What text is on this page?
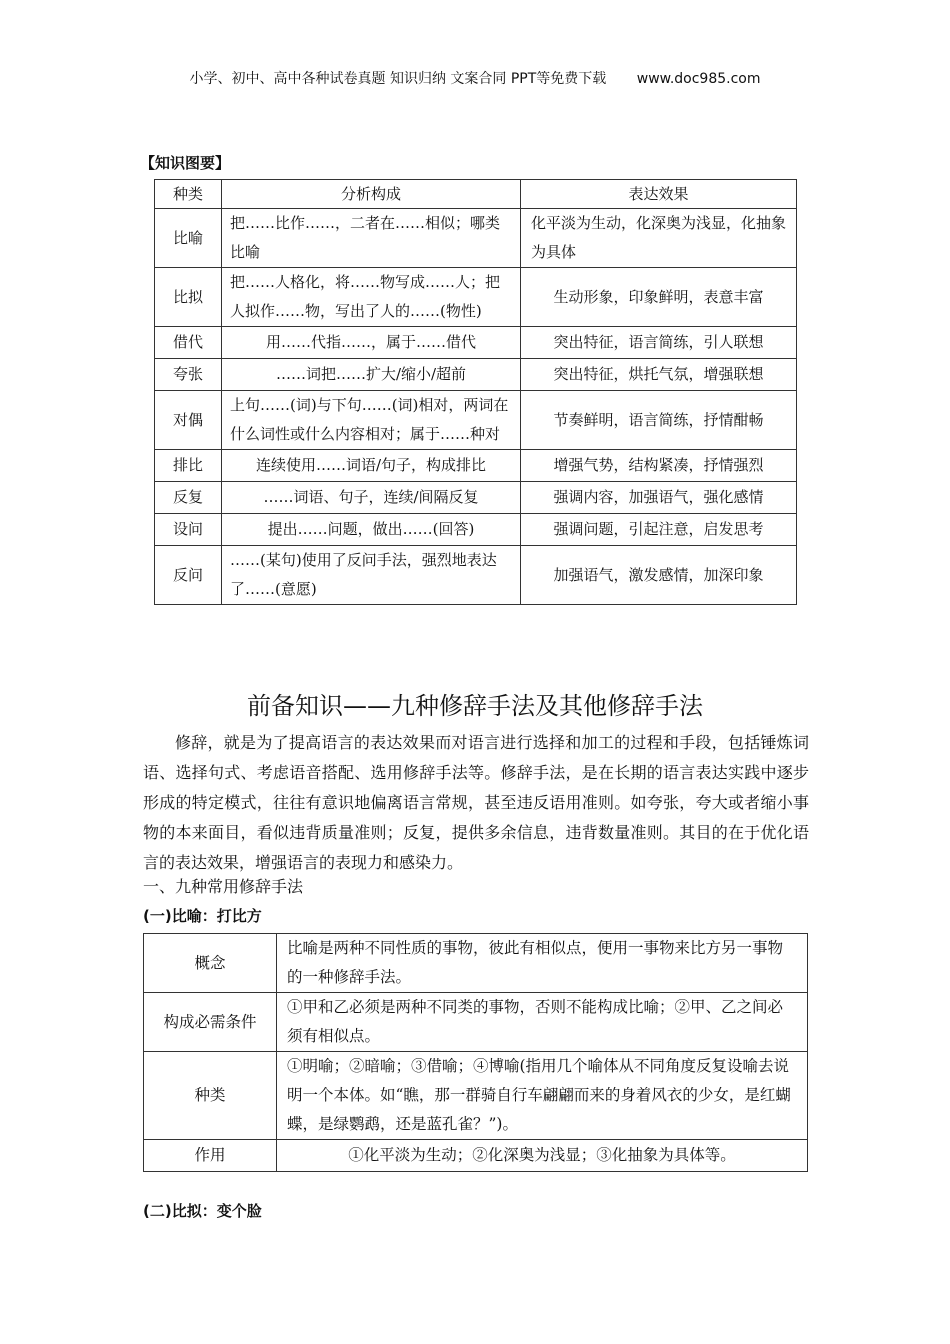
小学、初中、高中各种试卷真题 知识归纳 文案合同 PPT等免费下载 www.doc985.com
【知识图要】
种类	分析构成	表达效果
比喻	把……比作……，二者在……相似；哪类比喻	化平淡为生动，化深奥为浅显，化抽象为具体
比拟	把……人格化，将……物写成……人；把人拟作……物，写出了人的……(物性)	生动形象，印象鲜明，表意丰富
借代	用……代指……，属于……借代	突出特征，语言简练，引人联想
夸张	……词把……扩大/缩小/超前	突出特征，烘托气氛，增强联想
对偶	上句……(词)与下句……(词)相对，两词在什么词性或什么内容相对；属于……种对	节奏鲜明，语言简练，抒情酣畅
排比	连续使用……词语/句子，构成排比	增强气势，结构紧凑，抒情强烈
反复	……词语、句子，连续/间隔反复	强调内容，加强语气，强化感情
设问	提出……问题，做出……(回答)	强调问题，引起注意，启发思考
反问	……(某句)使用了反问手法，强烈地表达了……(意愿)	加强语气，激发感情，加深印象
前备知识——九种修辞手法及其他修辞手法

修辞，就是为了提高语言的表达效果而对语言进行选择和加工的过程和手段，包括锤炼词语、选择句式、考虑语音搭配、选用修辞手法等。修辞手法，是在长期的语言表达实践中逐步形成的特定模式，往往有意识地偏离语言常规，甚至违反语用准则。如夸张，夸大或者缩小事物的本来面目，看似违背质量准则；反复，提供多余信息，违背数量准则。其目的在于优化语言的表达效果，增强语言的表现力和感染力。

一、九种常用修辞手法
(一)比喻：打比方
概念	比喻是两种不同性质的事物，彼此有相似点，便用一事物来比方另一事物的一种修辞手法。
构成必需条件	①甲和乙必须是两种不同类的事物，否则不能构成比喻；②甲、乙之间必须有相似点。
种类	①明喻；②暗喻；③借喻；④博喻(指用几个喻体从不同角度反复设喻去说明一个本体。如“瞧，那一群骑自行车翩翩而来的身着风衣的少女，是红蝴蝶，是绿鹦鹉，还是蓝孔雀？”)。
作用	①化平淡为生动；②化深奥为浅显；③化抽象为具体等。
(二)比拟：变个脸
